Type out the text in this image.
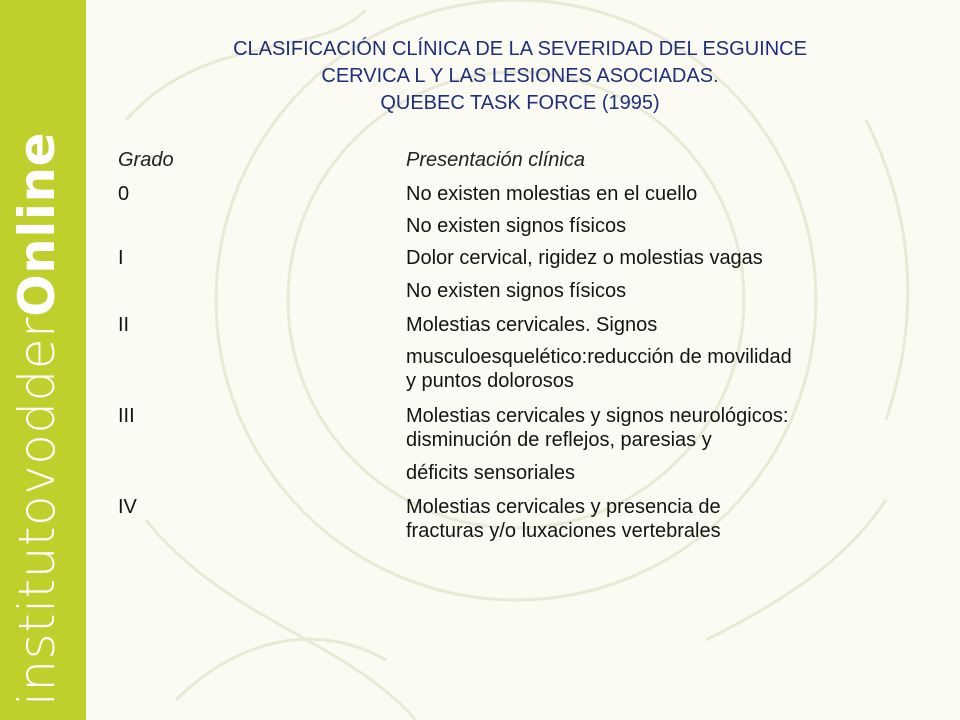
institutovodderOnline
CLASIFICACIÓN CLÍNICA DE LA SEVERIDAD DEL ESGUINCE
CERVICA L Y LAS LESIONES ASOCIADAS.
QUEBEC TASK FORCE (1995)
Grado	Presentación clínica
0	No existen molestias en el cuello
No existen signos físicos
I	Dolor cervical, rigidez o molestias vagas
No existen signos físicos
II	Molestias cervicales. Signos
musculoesquelético:reducción de movilidad
y puntos dolorosos
III	Molestias cervicales y signos neurológicos:
disminución de reflejos, paresias y
déficits sensoriales
IV	Molestias cervicales y presencia de
fracturas y/o luxaciones vertebrales
